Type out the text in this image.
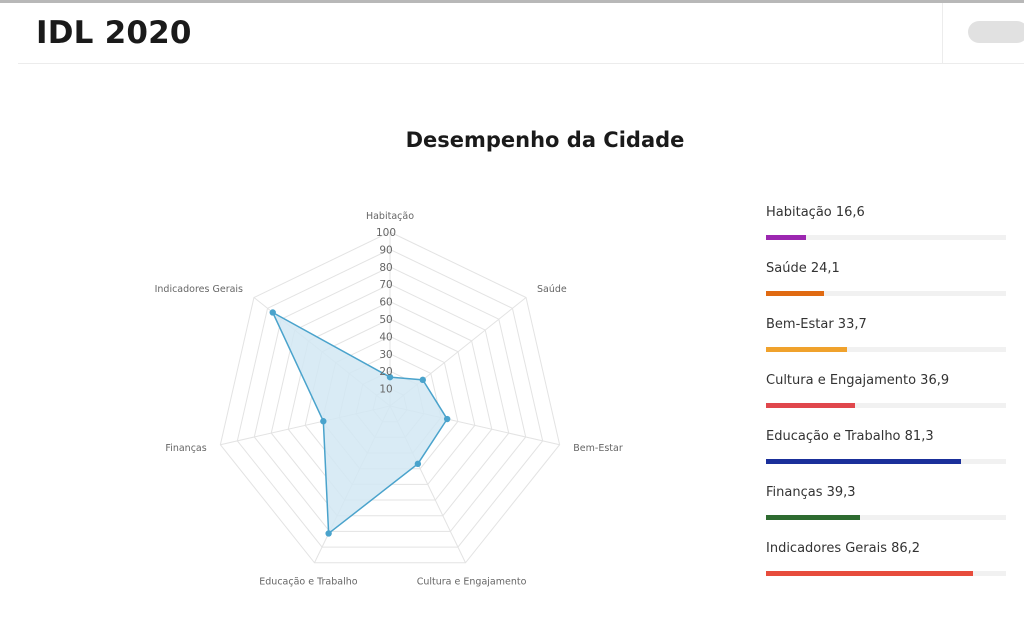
IDL 2020
Desempenho da Cidade
10
20
30
40
50
60
70
80
90
100
Habitação
Saúde
Bem-Estar
Cultura e Engajamento
Educação e Trabalho
Finanças
Indicadores Gerais
Habitação 16,6
Saúde 24,1
Bem-Estar 33,7
Cultura e Engajamento 36,9
Educação e Trabalho 81,3
Finanças 39,3
Indicadores Gerais 86,2
